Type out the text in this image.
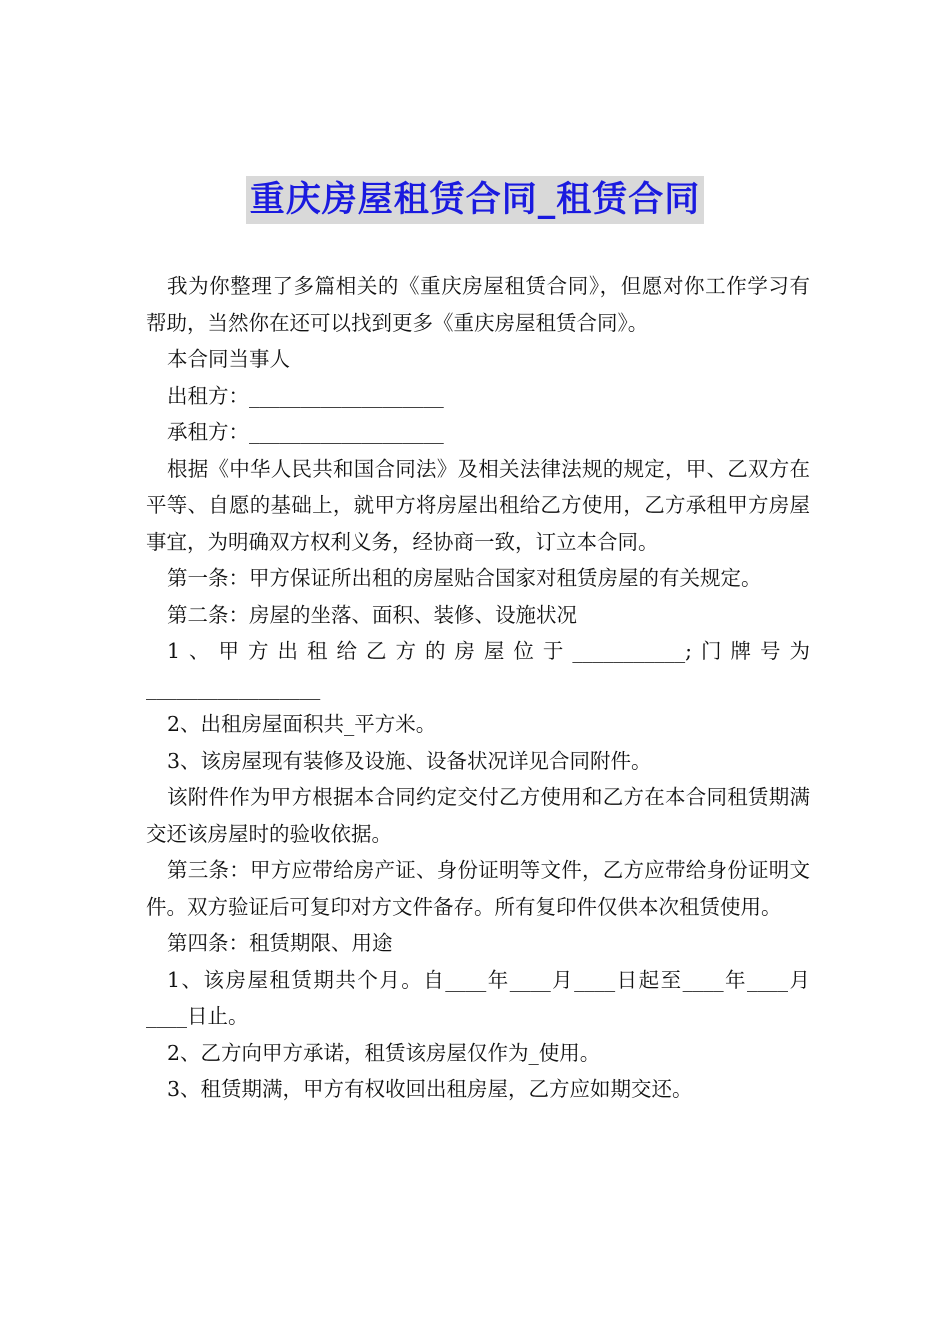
重庆房屋租赁合同_租赁合同

我为你整理了多篇相关的《重庆房屋租赁合同》，但愿对你工作学习有帮助，当然你在还可以找到更多《重庆房屋租赁合同》。

本合同当事人

出租方：___________________

承租方：___________________

根据《中华人民共和国合同法》及相关法律法规的规定，甲、乙双方在平等、自愿的基础上，就甲方将房屋出租给乙方使用，乙方承租甲方房屋事宜，为明确双方权利义务，经协商一致，订立本合同。

第一条：甲方保证所出租的房屋贴合国家对租赁房屋的有关规定。

第二条：房屋的坐落、面积、装修、设施状况

1、甲方出租给乙方的房屋位于___________;门牌号为_________________

2、出租房屋面积共_平方米。

3、该房屋现有装修及设施、设备状况详见合同附件。

该附件作为甲方根据本合同约定交付乙方使用和乙方在本合同租赁期满交还该房屋时的验收依据。

第三条：甲方应带给房产证、身份证明等文件，乙方应带给身份证明文件。双方验证后可复印对方文件备存。所有复印件仅供本次租赁使用。

第四条：租赁期限、用途

1、该房屋租赁期共个月。自____年____月____日起至____年____月____日止。

2、乙方向甲方承诺，租赁该房屋仅作为_使用。

3、租赁期满，甲方有权收回出租房屋，乙方应如期交还。
